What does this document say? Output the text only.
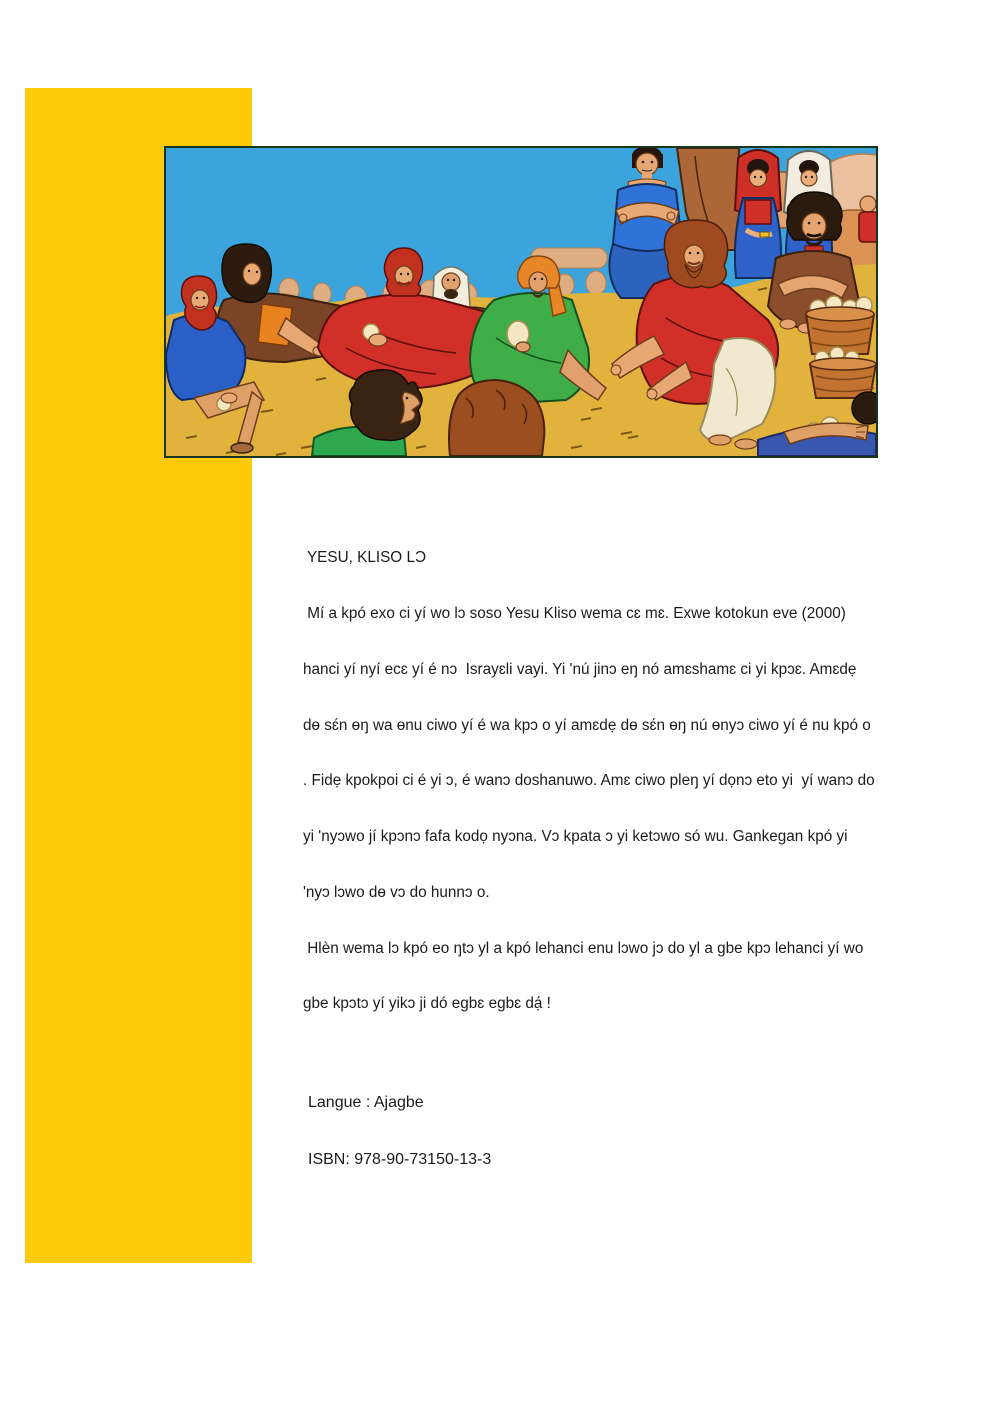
YESU, KLISO LƆ

Mí a kpó exo ci yí wo lɔ soso Yesu Kliso wema cɛ mɛ. Exwe kotokun eve (2000)

hanci yí nyí ecɛ yí é nɔ  Israyɛli vayi. Yi 'nú jinɔ eŋ nó amɛshamɛ ci yi kpɔɛ. Amɛdẹ

dɵ sɛ́n ɵŋ wa ɵnu ciwo yí é wa kpɔ o yí amɛdẹ dɵ sɛ́n ɵŋ nú ɵnyɔ ciwo yí é nu kpó o

. Fidẹ kpokpoi ci é yi ɔ, é wanɔ doshanuwo. Amɛ ciwo pleŋ yí dọnɔ eto yi  yí wanɔ do

yi 'nyɔwo jí kpɔnɔ fafa kodọ nyɔna. Vɔ kpata ɔ yi ketɔwo só wu. Gankegan kpó yi

'nyɔ lɔwo dɵ vɔ do hunnɔ o.

Hlèn wema lɔ kpó eo ŋtɔ yl a kpó lehanci enu lɔwo jɔ do yl a gbe kpɔ lehanci yí wo

gbe kpɔtɔ yí yikɔ ji dó egbɛ egbɛ dạ́ !

Langue : Ajagbe

ISBN: 978-90-73150-13-3
